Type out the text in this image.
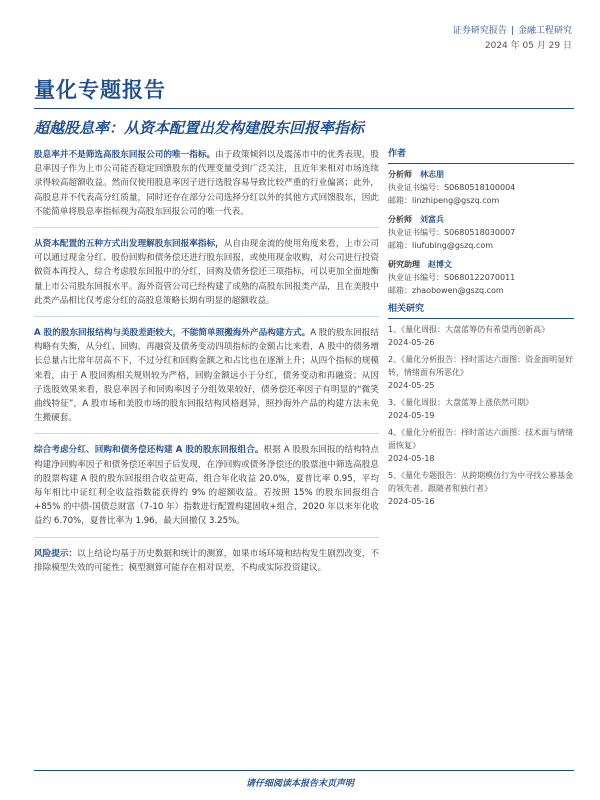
证券研究报告 | 金融工程研究
2024 年 05 月 29 日
量化专题报告
超越股息率：从资本配置出发构建股东回报率指标

股息率并不是筛选高股东回报公司的唯一指标。由于政策倾斜以及震荡市中的优秀表现，股息率因子作为上市公司能否稳定回馈股东的代理变量受到广泛关注，且近年来相对市场连续录得较高超额收益。然而仅使用股息率因子进行选股容易导致比较严重的行业偏离；此外，高股息并不代表高分红质量，同时还存在部分公司选择分红以外的其他方式回馈股东，因此不能简单将股息率指标视为高股东回报公司的唯一代表。

从资本配置的五种方式出发理解股东回报率指标，从自由现金流的使用角度来看，上市公司可以通过现金分红、股份回购和债务偿还进行股东回报，或使用现金收购，对公司进行投资做资本再投入，综合考虑股东回报中的分红，回购及债务偿还三项指标，可以更加全面地衡量上市公司股东回报水平。海外资管公司已经构建了成熟的高股东回报类产品，且在美股中此类产品相比仅考虑分红的高股息策略长期有明显的超额收益。

A 股的股东回报结构与美股差距较大，不能简单照搬海外产品构建方式。A 股的股东回报结构略有失衡，从分红、回购、再融资及债务变动四项指标的金额占比来看，A 股中的债务增长总量占比常年居高不下，不过分红和回购金额之和占比也在逐渐上升；从四个指标的规模来看，由于 A 股回购相关规则较为严格，回购金额远小于分红，债务变动和再融资；从因子选股效果来看，股息率因子和回购率因子分组效果较好，债务偿还率因子有明显的“微笑曲线特征”，A 股市场和美股市场的股东回报结构风格迥异，照抄海外产品的构建方法未免生搬硬套。

综合考虑分红、回购和债务偿还构建 A 股的股东回报组合。根据 A 股股东回报的结构特点构建净回购率因子和债务偿还率因子后发现，在净回购或债务净偿还的股票池中筛选高股息的股票构建 A 股的股东回报组合收益更高，组合年化收益 20.0%，夏普比率 0.95，平均每年相比中证红利全收益指数能获得约 9% 的超额收益。若按照 15% 的股东回报组合+85% 的中债-国债总财富（7-10 年）指数进行配置构建固收+组合，2020 年以来年化收益约 6.70%，夏普比率为 1.96，最大回撤仅 3.25%。

风险提示：以上结论均基于历史数据和统计的测算，如果市场环境和结构发生剧烈改变，不排除模型失效的可能性；模型测算可能存在相对误差，不构成实际投资建议。

作者
分析师 林志朋
执业证书编号：S0680518100004
邮箱：linzhipeng@gszq.com
分析师 刘富兵
执业证书编号：S0680518030007
邮箱：liufubing@gszq.com
研究助理 赵博文
执业证书编号：S0680122070011
邮箱：zhaobowen@gszq.com
相关研究
1、《量化周报：大盘蓝筹仍有希望再创新高》
2024-05-26
2、《量化分析报告：择时雷达六面图：资金面明显好转，情绪面有所恶化》
2024-05-25
3、《量化周报：大盘蓝筹上涨依然可期》
2024-05-19
4、《量化分析报告：择时雷达六面图：技术面与情绪面恢复》
2024-05-18
5、《量化专题报告：从跨期模仿行为中寻找公募基金的领先者、跟随者和独行者》
2024-05-16
请仔细阅读本报告末页声明
